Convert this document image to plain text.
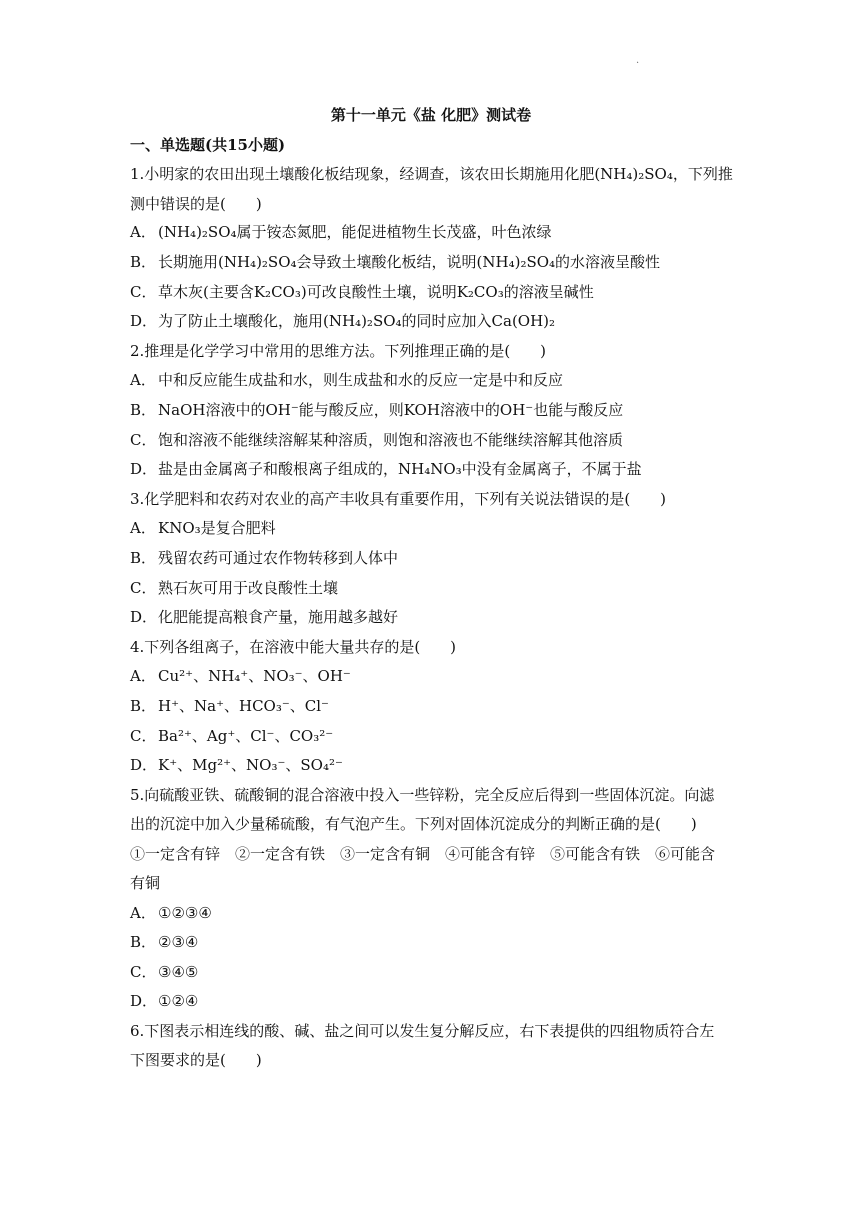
·
第十一单元《盐 化肥》测试卷
一、单选题(共15小题)
1.小明家的农田出现土壤酸化板结现象，经调查，该农田长期施用化肥(NH₄)₂SO₄，下列推
测中错误的是(　　)
A． (NH₄)₂SO₄属于铵态氮肥，能促进植物生长茂盛，叶色浓绿
B． 长期施用(NH₄)₂SO₄会导致土壤酸化板结，说明(NH₄)₂SO₄的水溶液呈酸性
C． 草木灰(主要含K₂CO₃)可改良酸性土壤，说明K₂CO₃的溶液呈碱性
D．为了防止土壤酸化，施用(NH₄)₂SO₄的同时应加入Ca(OH)₂
2.推理是化学学习中常用的思维方法。下列推理正确的是(　　)
A． 中和反应能生成盐和水，则生成盐和水的反应一定是中和反应
B． NaOH溶液中的OH⁻能与酸反应，则KOH溶液中的OH⁻也能与酸反应
C． 饱和溶液不能继续溶解某种溶质，则饱和溶液也不能继续溶解其他溶质
D．盐是由金属离子和酸根离子组成的，NH₄NO₃中没有金属离子，不属于盐
3.化学肥料和农药对农业的高产丰收具有重要作用，下列有关说法错误的是(　　)
A． KNO₃是复合肥料
B． 残留农药可通过农作物转移到人体中
C． 熟石灰可用于改良酸性土壤
D．化肥能提高粮食产量，施用越多越好
4.下列各组离子，在溶液中能大量共存的是(　　)
A． Cu²⁺、NH₄⁺、NO₃⁻、OH⁻
B． H⁺、Na⁺、HCO₃⁻、Cl⁻
C． Ba²⁺、Ag⁺、Cl⁻、CO₃²⁻
D．K⁺、Mg²⁺、NO₃⁻、SO₄²⁻
5.向硫酸亚铁、硫酸铜的混合溶液中投入一些锌粉，完全反应后得到一些固体沉淀。向滤
出的沉淀中加入少量稀硫酸，有气泡产生。下列对固体沉淀成分的判断正确的是(　　)
①一定含有锌　②一定含有铁　③一定含有铜　④可能含有锌　⑤可能含有铁　⑥可能含
有铜
A． ①②③④
B． ②③④
C． ③④⑤
D．①②④
6.下图表示相连线的酸、碱、盐之间可以发生复分解反应，右下表提供的四组物质符合左
下图要求的是(　　)
